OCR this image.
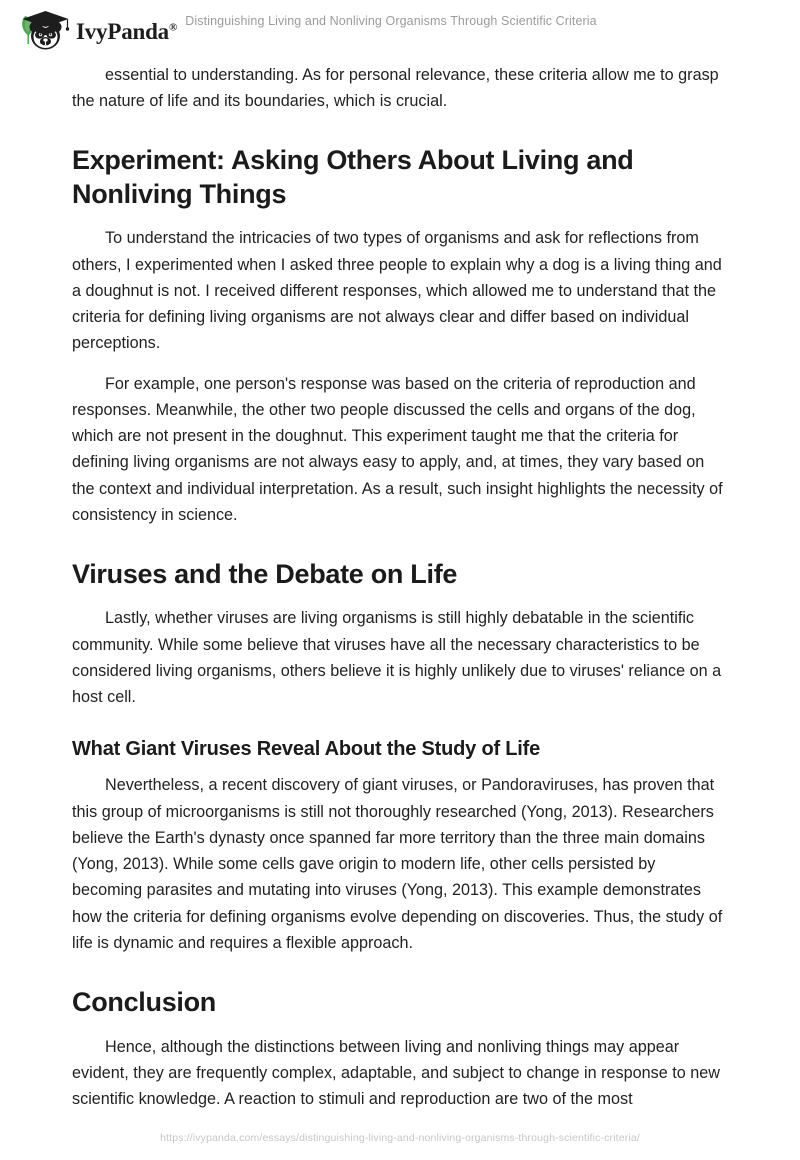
IvyPanda® Distinguishing Living and Nonliving Organisms Through Scientific Criteria

essential to understanding. As for personal relevance, these criteria allow me to grasp the nature of life and its boundaries, which is crucial.

Experiment: Asking Others About Living and Nonliving Things

To understand the intricacies of two types of organisms and ask for reflections from others, I experimented when I asked three people to explain why a dog is a living thing and a doughnut is not. I received different responses, which allowed me to understand that the criteria for defining living organisms are not always clear and differ based on individual perceptions.

For example, one person's response was based on the criteria of reproduction and responses. Meanwhile, the other two people discussed the cells and organs of the dog, which are not present in the doughnut. This experiment taught me that the criteria for defining living organisms are not always easy to apply, and, at times, they vary based on the context and individual interpretation. As a result, such insight highlights the necessity of consistency in science.

Viruses and the Debate on Life

Lastly, whether viruses are living organisms is still highly debatable in the scientific community. While some believe that viruses have all the necessary characteristics to be considered living organisms, others believe it is highly unlikely due to viruses' reliance on a host cell.

What Giant Viruses Reveal About the Study of Life

Nevertheless, a recent discovery of giant viruses, or Pandoraviruses, has proven that this group of microorganisms is still not thoroughly researched (Yong, 2013). Researchers believe the Earth's dynasty once spanned far more territory than the three main domains (Yong, 2013). While some cells gave origin to modern life, other cells persisted by becoming parasites and mutating into viruses (Yong, 2013). This example demonstrates how the criteria for defining organisms evolve depending on discoveries. Thus, the study of life is dynamic and requires a flexible approach.

Conclusion

Hence, although the distinctions between living and nonliving things may appear evident, they are frequently complex, adaptable, and subject to change in response to new scientific knowledge. A reaction to stimuli and reproduction are two of the most

https://ivypanda.com/essays/distinguishing-living-and-nonliving-organisms-through-scientific-criteria/
